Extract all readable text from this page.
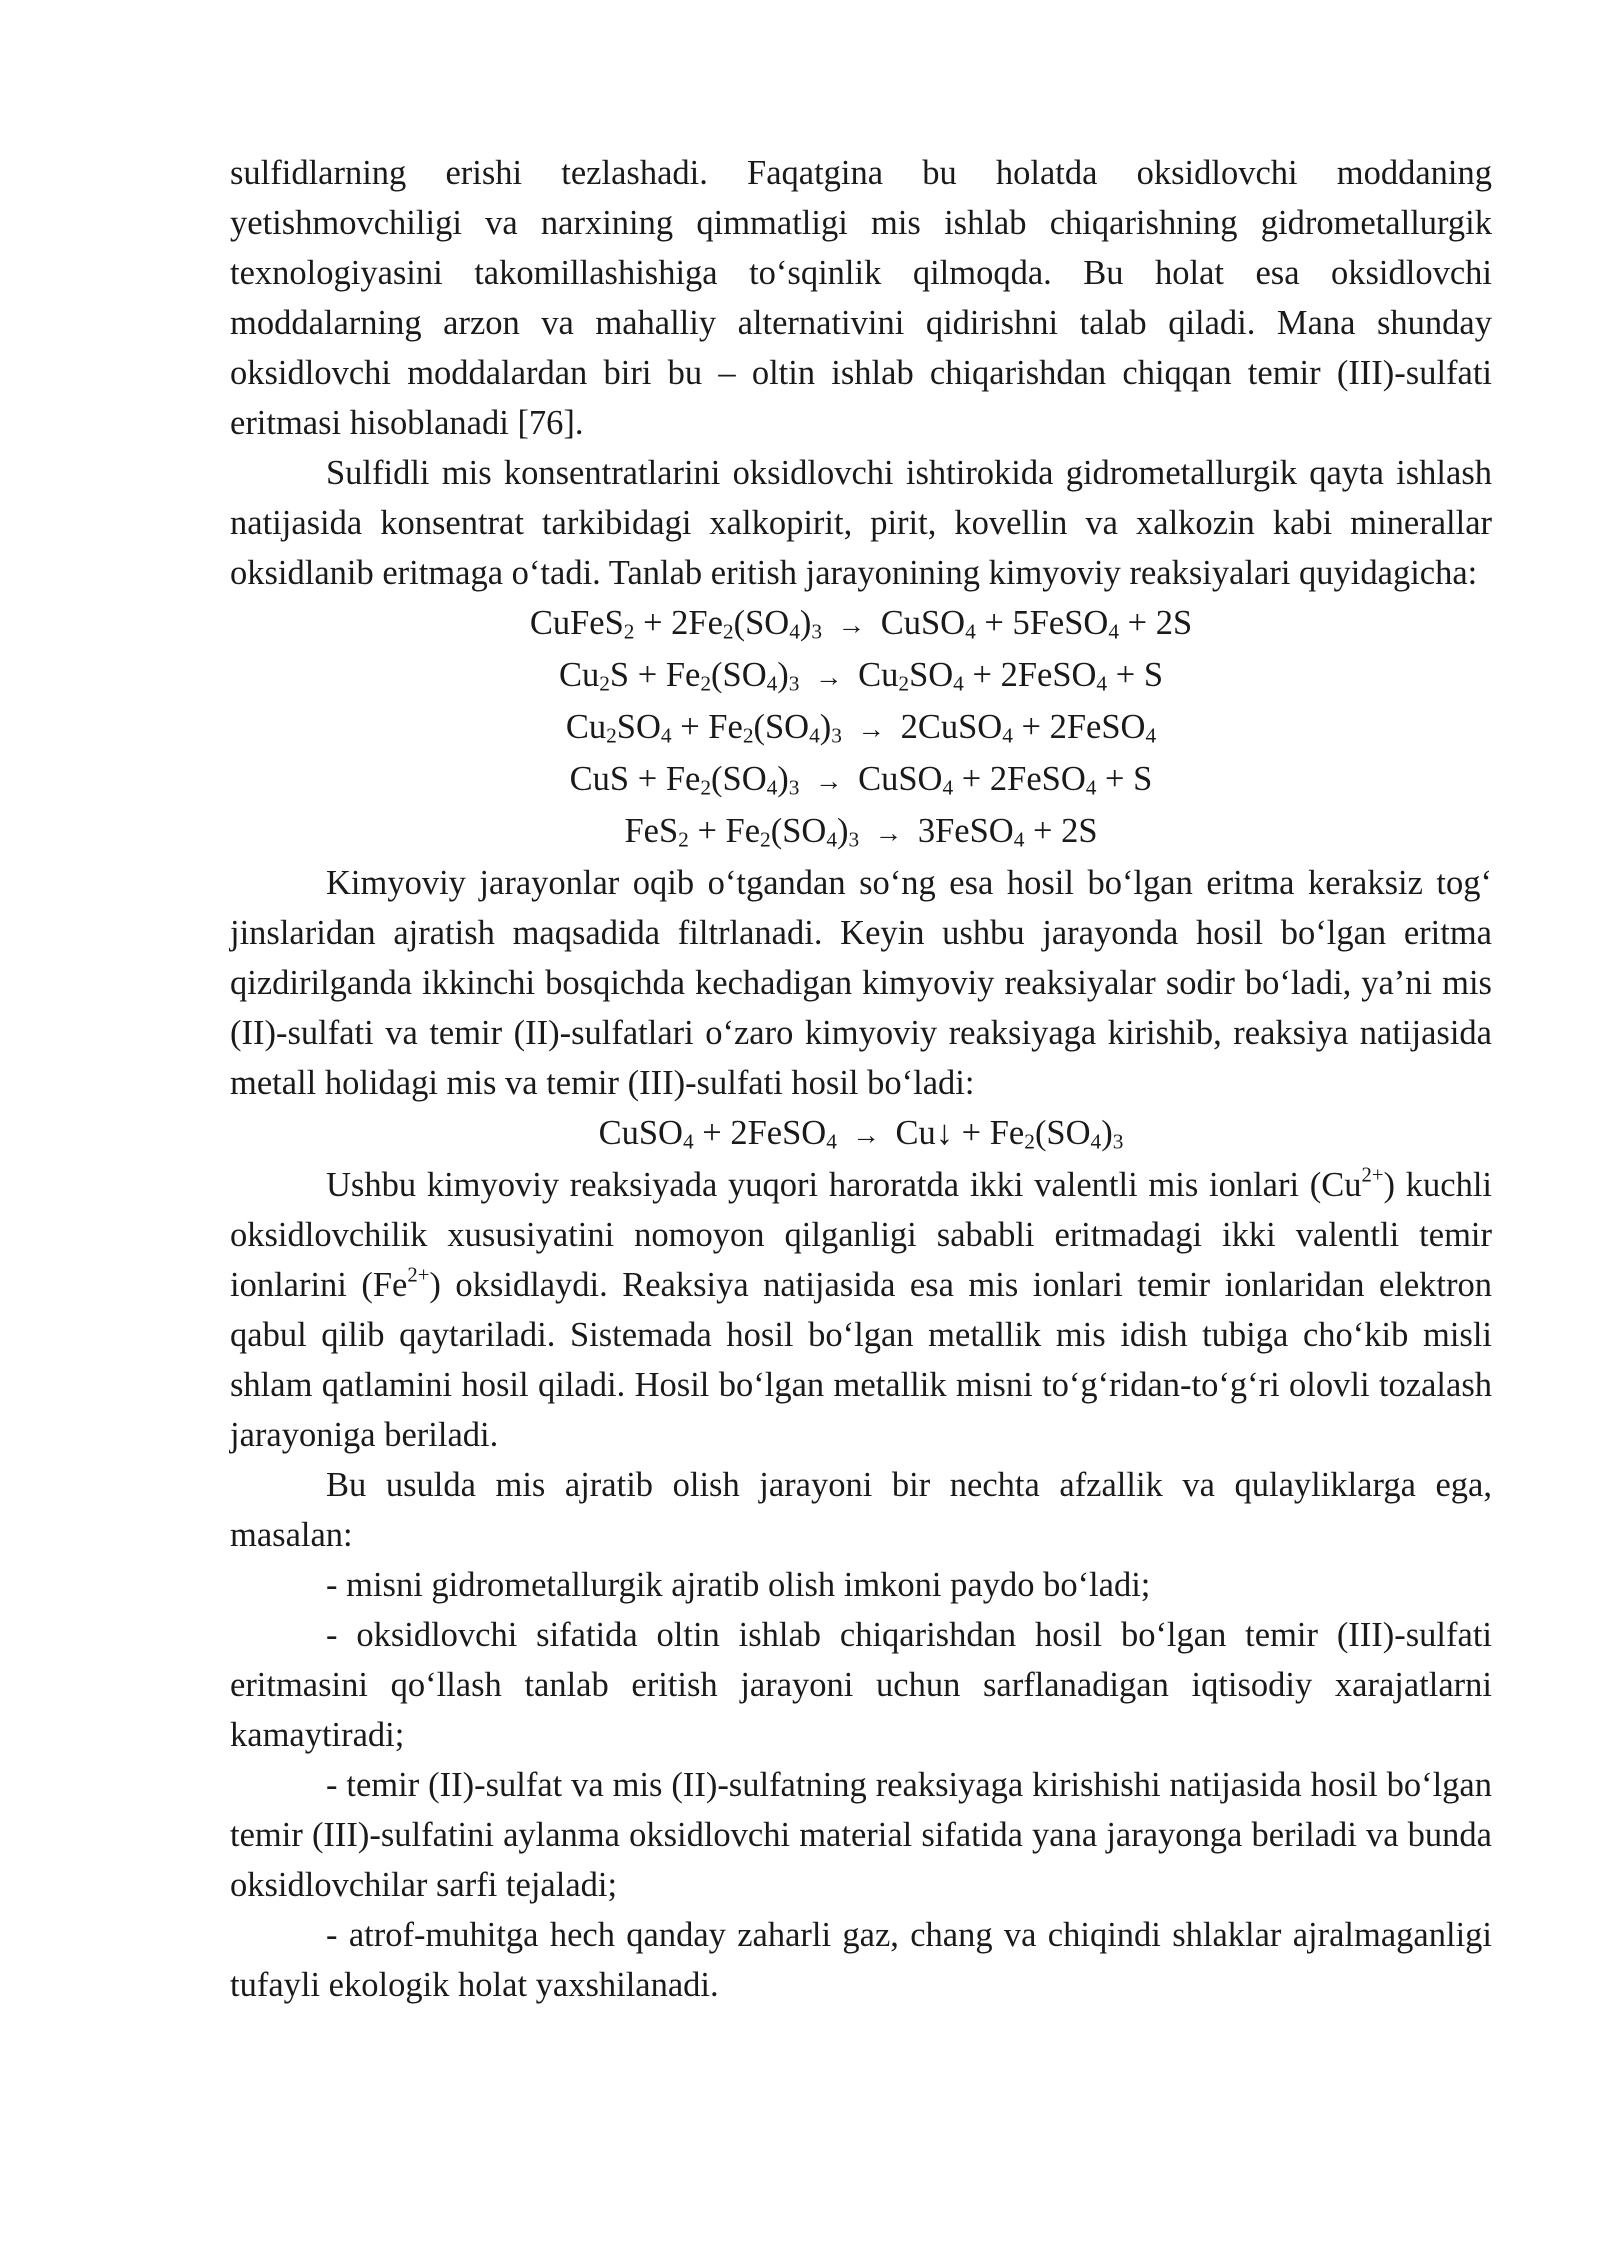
sulfidlarning erishi tezlashadi. Faqatgina bu holatda oksidlovchi moddaning yetishmovchiligi va narxining qimmatligi mis ishlab chiqarishning gidrometallurgik texnologiyasini takomillashishiga to‘sqinlik qilmoqda. Bu holat esa oksidlovchi moddalarning arzon va mahalliy alternativini qidirishni talab qiladi. Mana shunday oksidlovchi moddalardan biri bu – oltin ishlab chiqarishdan chiqqan temir (III)-sulfati eritmasi hisoblanadi [76].

Sulfidli mis konsentratlarini oksidlovchi ishtirokida gidrometallurgik qayta ishlash natijasida konsentrat tarkibidagi xalkopirit, pirit, kovellin va xalkozin kabi minerallar oksidlanib eritmaga o‘tadi. Tanlab eritish jarayonining kimyoviy reaksiyalari quyidagicha:

CuFeS$_2$ + $2Fe_2(SO_4)_3$ → CuSO$_4$ + 5FeSO$_4$ + 2S

$Cu_2S + Fe_2(SO_4)_3 \to Cu_2SO_4$ + 2FeSO$_4$ + S

$Cu_2SO_4 + Fe_2(SO_4)_3$ → 2CuSO$_4$ + 2FeSO$_4$

CuS + $Fe_2(SO_4)_3$ → CuSO$_4$ + 2FeSO$_4$ + S

$FeS_2 + Fe_2(SO_4)_3$ → 3FeSO$_4$ + 2S

Kimyoviy jarayonlar oqib o‘tgandan so‘ng esa hosil bo‘lgan eritma keraksiz tog‘ jinslaridan ajratish maqsadida filtrlanadi. Keyin ushbu jarayonda hosil bo‘lgan eritma qizdirilganda ikkinchi bosqichda kechadigan kimyoviy reaksiyalar sodir bo‘ladi, ya’ni mis (II)-sulfati va temir (II)-sulfatlari o‘zaro kimyoviy reaksiyaga kirishib, reaksiya natijasida metall holidagi mis va temir (III)-sulfati hosil bo‘ladi:

CuSO$_4$ + 2FeSO$_4$ → Cu↓ + $Fe_2(SO_4)_3$

Ushbu kimyoviy reaksiyada yuqori haroratda ikki valentli mis ionlari $(Cu^{2+})$ kuchli oksidlovchilik xususiyatini nomoyon qilganligi sababli eritmadagi ikki valentli temir ionlarini $(Fe^{2+})$ oksidlaydi. Reaksiya natijasida esa mis ionlari temir ionlaridan elektron qabul qilib qaytariladi. Sistemada hosil bo‘lgan metallik mis idish tubiga cho‘kib misli shlam qatlamini hosil qiladi. Hosil bo‘lgan metallik misni to‘g‘ridan-to‘g‘ri olovli tozalash jarayoniga beriladi.

Bu usulda mis ajratib olish jarayoni bir nechta afzallik va qulayliklarga ega, masalan:

- misni gidrometallurgik ajratib olish imkoni paydo bo‘ladi;

- oksidlovchi sifatida oltin ishlab chiqarishdan hosil bo‘lgan temir (III)-sulfati eritmasini qo‘llash tanlab eritish jarayoni uchun sarflanadigan iqtisodiy xarajatlarni kamaytiradi;

- temir (II)-sulfat va mis (II)-sulfatning reaksiyaga kirishishi natijasida hosil bo‘lgan temir (III)-sulfatini aylanma oksidlovchi material sifatida yana jarayonga beriladi va bunda oksidlovchilar sarfi tejaladi;

- atrof-muhitga hech qanday zaharli gaz, chang va chiqindi shlaklar ajralmaganligi tufayli ekologik holat yaxshilanadi.
